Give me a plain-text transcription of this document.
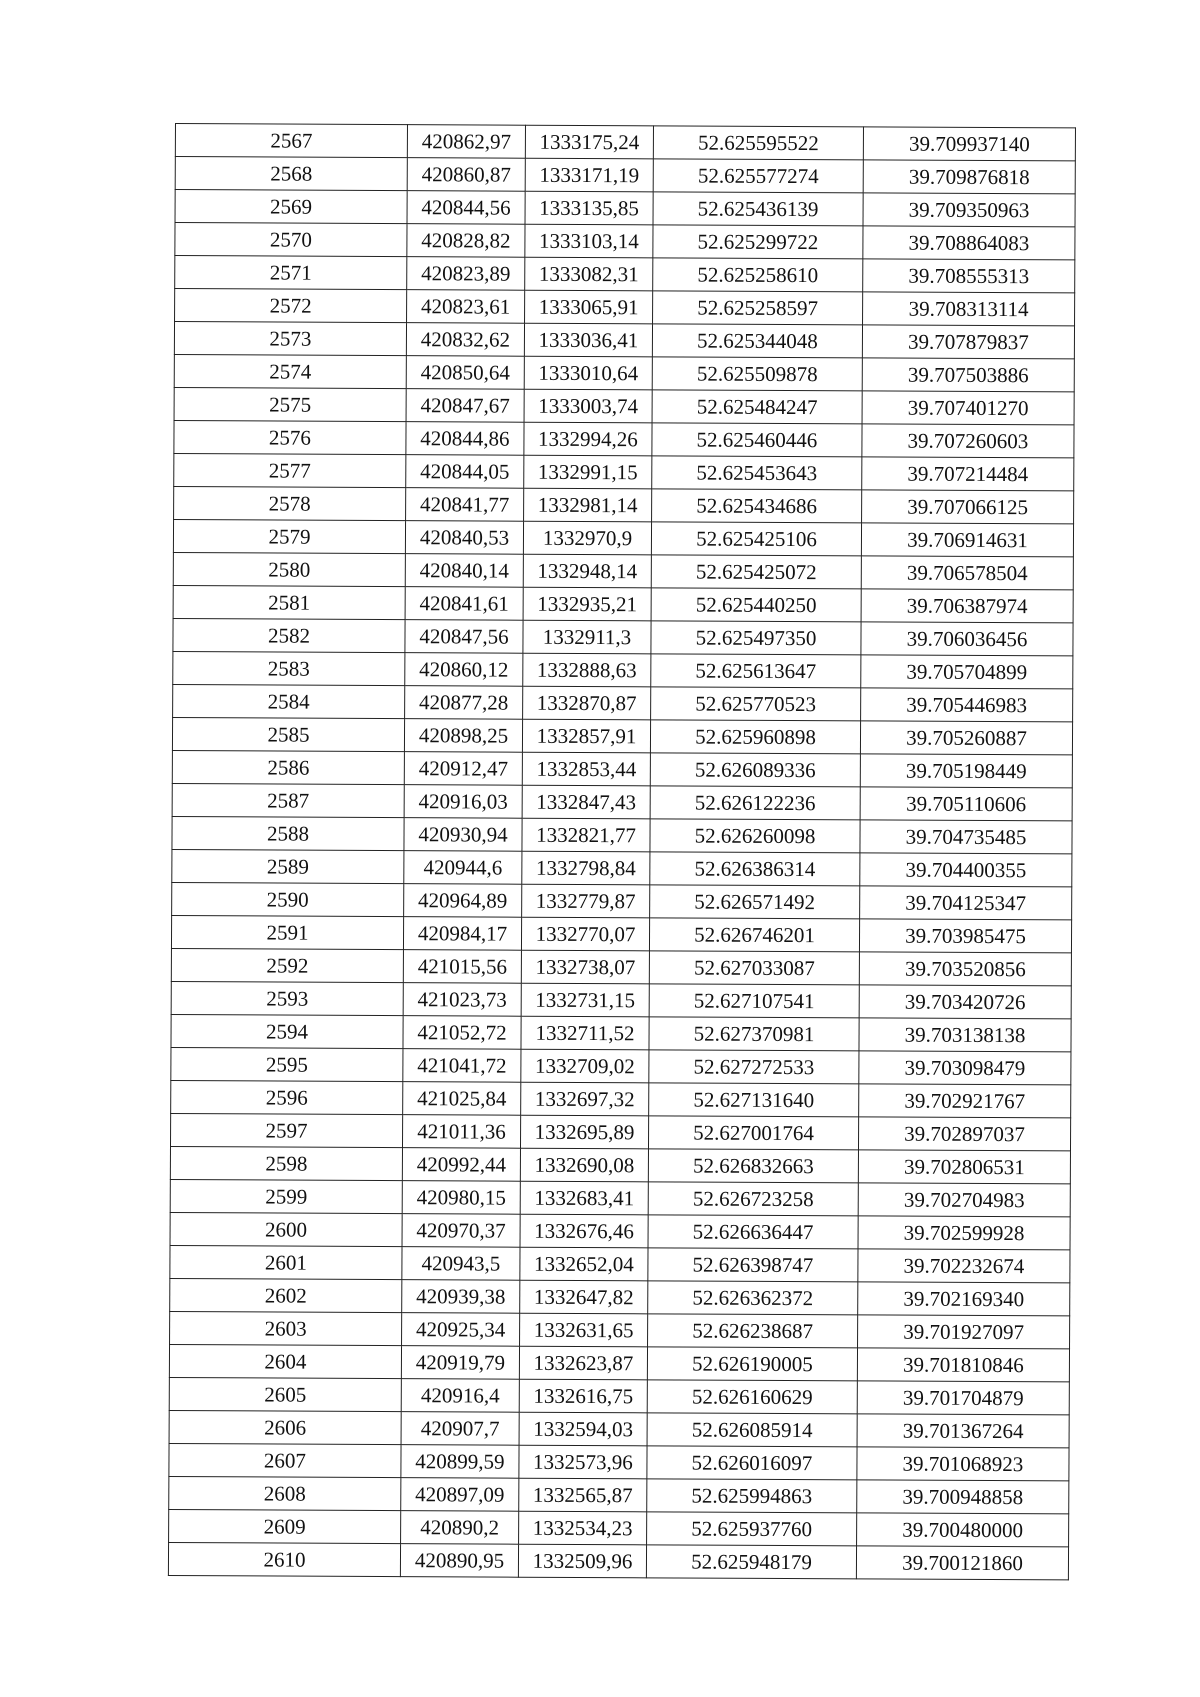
2567	420862,97	1333175,24	52.625595522	39.709937140
2568	420860,87	1333171,19	52.625577274	39.709876818
2569	420844,56	1333135,85	52.625436139	39.709350963
2570	420828,82	1333103,14	52.625299722	39.708864083
2571	420823,89	1333082,31	52.625258610	39.708555313
2572	420823,61	1333065,91	52.625258597	39.708313114
2573	420832,62	1333036,41	52.625344048	39.707879837
2574	420850,64	1333010,64	52.625509878	39.707503886
2575	420847,67	1333003,74	52.625484247	39.707401270
2576	420844,86	1332994,26	52.625460446	39.707260603
2577	420844,05	1332991,15	52.625453643	39.707214484
2578	420841,77	1332981,14	52.625434686	39.707066125
2579	420840,53	1332970,9	52.625425106	39.706914631
2580	420840,14	1332948,14	52.625425072	39.706578504
2581	420841,61	1332935,21	52.625440250	39.706387974
2582	420847,56	1332911,3	52.625497350	39.706036456
2583	420860,12	1332888,63	52.625613647	39.705704899
2584	420877,28	1332870,87	52.625770523	39.705446983
2585	420898,25	1332857,91	52.625960898	39.705260887
2586	420912,47	1332853,44	52.626089336	39.705198449
2587	420916,03	1332847,43	52.626122236	39.705110606
2588	420930,94	1332821,77	52.626260098	39.704735485
2589	420944,6	1332798,84	52.626386314	39.704400355
2590	420964,89	1332779,87	52.626571492	39.704125347
2591	420984,17	1332770,07	52.626746201	39.703985475
2592	421015,56	1332738,07	52.627033087	39.703520856
2593	421023,73	1332731,15	52.627107541	39.703420726
2594	421052,72	1332711,52	52.627370981	39.703138138
2595	421041,72	1332709,02	52.627272533	39.703098479
2596	421025,84	1332697,32	52.627131640	39.702921767
2597	421011,36	1332695,89	52.627001764	39.702897037
2598	420992,44	1332690,08	52.626832663	39.702806531
2599	420980,15	1332683,41	52.626723258	39.702704983
2600	420970,37	1332676,46	52.626636447	39.702599928
2601	420943,5	1332652,04	52.626398747	39.702232674
2602	420939,38	1332647,82	52.626362372	39.702169340
2603	420925,34	1332631,65	52.626238687	39.701927097
2604	420919,79	1332623,87	52.626190005	39.701810846
2605	420916,4	1332616,75	52.626160629	39.701704879
2606	420907,7	1332594,03	52.626085914	39.701367264
2607	420899,59	1332573,96	52.626016097	39.701068923
2608	420897,09	1332565,87	52.625994863	39.700948858
2609	420890,2	1332534,23	52.625937760	39.700480000
2610	420890,95	1332509,96	52.625948179	39.700121860
